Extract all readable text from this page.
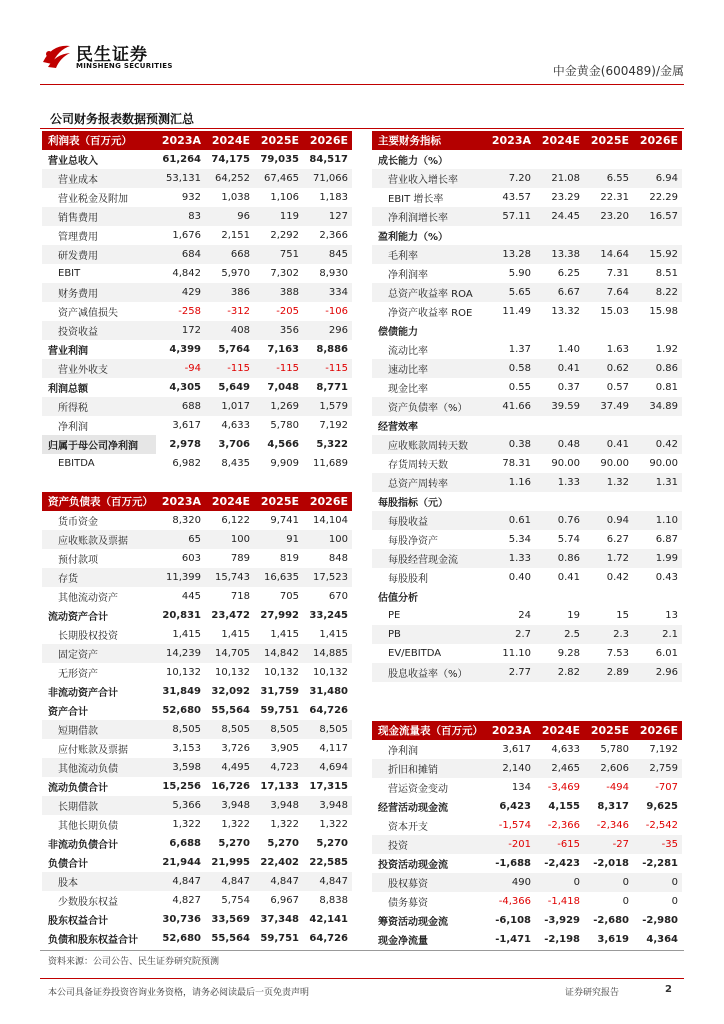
民生证券
MINSHENG SECURITIES	中金黄金(600489)/金属
公司财务报表数据预测汇总
利润表（百万元）	2023A	2024E	2025E	2026E
营业总收入	61,264	74,175	79,035	84,517
营业成本	53,131	64,252	67,465	71,066
营业税金及附加	932	1,038	1,106	1,183
销售费用	83	96	119	127
管理费用	1,676	2,151	2,292	2,366
研发费用	684	668	751	845
EBIT	4,842	5,970	7,302	8,930
财务费用	429	386	388	334
资产减值损失	-258	-312	-205	-106
投资收益	172	408	356	296
营业利润	4,399	5,764	7,163	8,886
营业外收支	-94	-115	-115	-115
利润总额	4,305	5,649	7,048	8,771
所得税	688	1,017	1,269	1,579
净利润	3,617	4,633	5,780	7,192
归属于母公司净利润	2,978	3,706	4,566	5,322
EBITDA	6,982	8,435	9,909	11,689
资产负债表（百万元）	2023A	2024E	2025E	2026E
货币资金	8,320	6,122	9,741	14,104
应收账款及票据	65	100	91	100
预付款项	603	789	819	848
存货	11,399	15,743	16,635	17,523
其他流动资产	445	718	705	670
流动资产合计	20,831	23,472	27,992	33,245
长期股权投资	1,415	1,415	1,415	1,415
固定资产	14,239	14,705	14,842	14,885
无形资产	10,132	10,132	10,132	10,132
非流动资产合计	31,849	32,092	31,759	31,480
资产合计	52,680	55,564	59,751	64,726
短期借款	8,505	8,505	8,505	8,505
应付账款及票据	3,153	3,726	3,905	4,117
其他流动负债	3,598	4,495	4,723	4,694
流动负债合计	15,256	16,726	17,133	17,315
长期借款	5,366	3,948	3,948	3,948
其他长期负债	1,322	1,322	1,322	1,322
非流动负债合计	6,688	5,270	5,270	5,270
负债合计	21,944	21,995	22,402	22,585
股本	4,847	4,847	4,847	4,847
少数股东权益	4,827	5,754	6,967	8,838
股东权益合计	30,736	33,569	37,348	42,141
负债和股东权益合计	52,680	55,564	59,751	64,726
主要财务指标	2023A	2024E	2025E	2026E
成长能力（%）				
营业收入增长率	7.20	21.08	6.55	6.94
EBIT 增长率	43.57	23.29	22.31	22.29
净利润增长率	57.11	24.45	23.20	16.57
盈利能力（%）				
毛利率	13.28	13.38	14.64	15.92
净利润率	5.90	6.25	7.31	8.51
总资产收益率 ROA	5.65	6.67	7.64	8.22
净资产收益率 ROE	11.49	13.32	15.03	15.98
偿债能力				
流动比率	1.37	1.40	1.63	1.92
速动比率	0.58	0.41	0.62	0.86
现金比率	0.55	0.37	0.57	0.81
资产负债率（%）	41.66	39.59	37.49	34.89
经营效率				
应收账款周转天数	0.38	0.48	0.41	0.42
存货周转天数	78.31	90.00	90.00	90.00
总资产周转率	1.16	1.33	1.32	1.31
每股指标（元）				
每股收益	0.61	0.76	0.94	1.10
每股净资产	5.34	5.74	6.27	6.87
每股经营现金流	1.33	0.86	1.72	1.99
每股股利	0.40	0.41	0.42	0.43
估值分析				
PE	24	19	15	13
PB	2.7	2.5	2.3	2.1
EV/EBITDA	11.10	9.28	7.53	6.01
股息收益率（%）	2.77	2.82	2.89	2.96
现金流量表（百万元）	2023A	2024E	2025E	2026E
净利润	3,617	4,633	5,780	7,192
折旧和摊销	2,140	2,465	2,606	2,759
营运资金变动	134	-3,469	-494	-707
经营活动现金流	6,423	4,155	8,317	9,625
资本开支	-1,574	-2,366	-2,346	-2,542
投资	-201	-615	-27	-35
投资活动现金流	-1,688	-2,423	-2,018	-2,281
股权募资	490	0	0	0
债务募资	-4,366	-1,418	0	0
筹资活动现金流	-6,108	-3,929	-2,680	-2,980
现金净流量	-1,471	-2,198	3,619	4,364
资料来源：公司公告、民生证券研究院预测
本公司具备证券投资咨询业务资格，请务必阅读最后一页免责声明	证券研究报告	2
